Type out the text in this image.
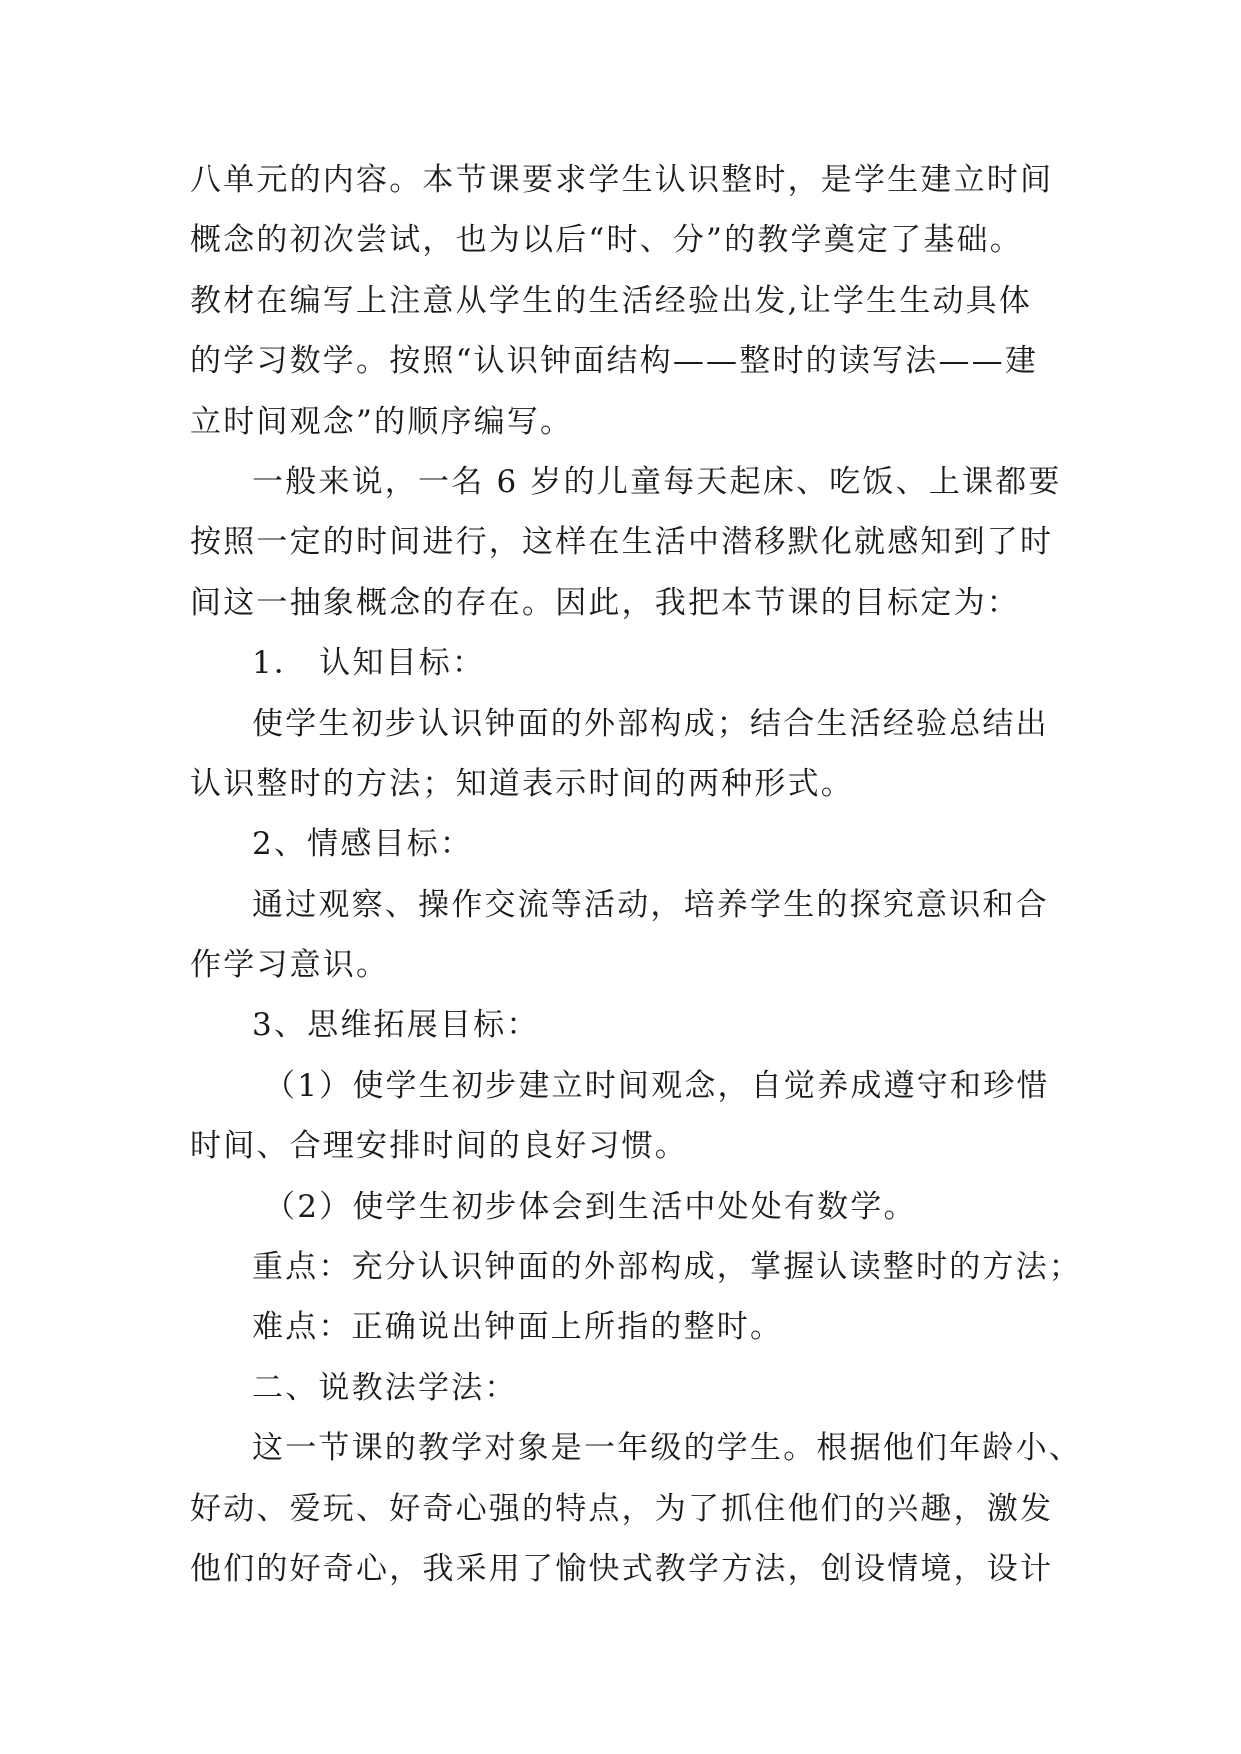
八单元的内容。本节课要求学生认识整时，是学生建立时间
概念的初次尝试，也为以后“时、分”的教学奠定了基础。
教材在编写上注意从学生的生活经验出发,让学生生动具体
的学习数学。按照“认识钟面结构——整时的读写法——建
立时间观念”的顺序编写。
一般来说，一名 6 岁的儿童每天起床、吃饭、上课都要
按照一定的时间进行，这样在生活中潜移默化就感知到了时
间这一抽象概念的存在。因此，我把本节课的目标定为：
1． 认知目标：
使学生初步认识钟面的外部构成；结合生活经验总结出
认识整时的方法；知道表示时间的两种形式。
2、情感目标：
通过观察、操作交流等活动，培养学生的探究意识和合
作学习意识。
3、思维拓展目标：
（1）使学生初步建立时间观念，自觉养成遵守和珍惜
时间、合理安排时间的良好习惯。
（2）使学生初步体会到生活中处处有数学。
重点：充分认识钟面的外部构成，掌握认读整时的方法；
难点：正确说出钟面上所指的整时。
二、说教法学法：
这一节课的教学对象是一年级的学生。根据他们年龄小、
好动、爱玩、好奇心强的特点，为了抓住他们的兴趣，激发
他们的好奇心，我采用了愉快式教学方法，创设情境，设计
